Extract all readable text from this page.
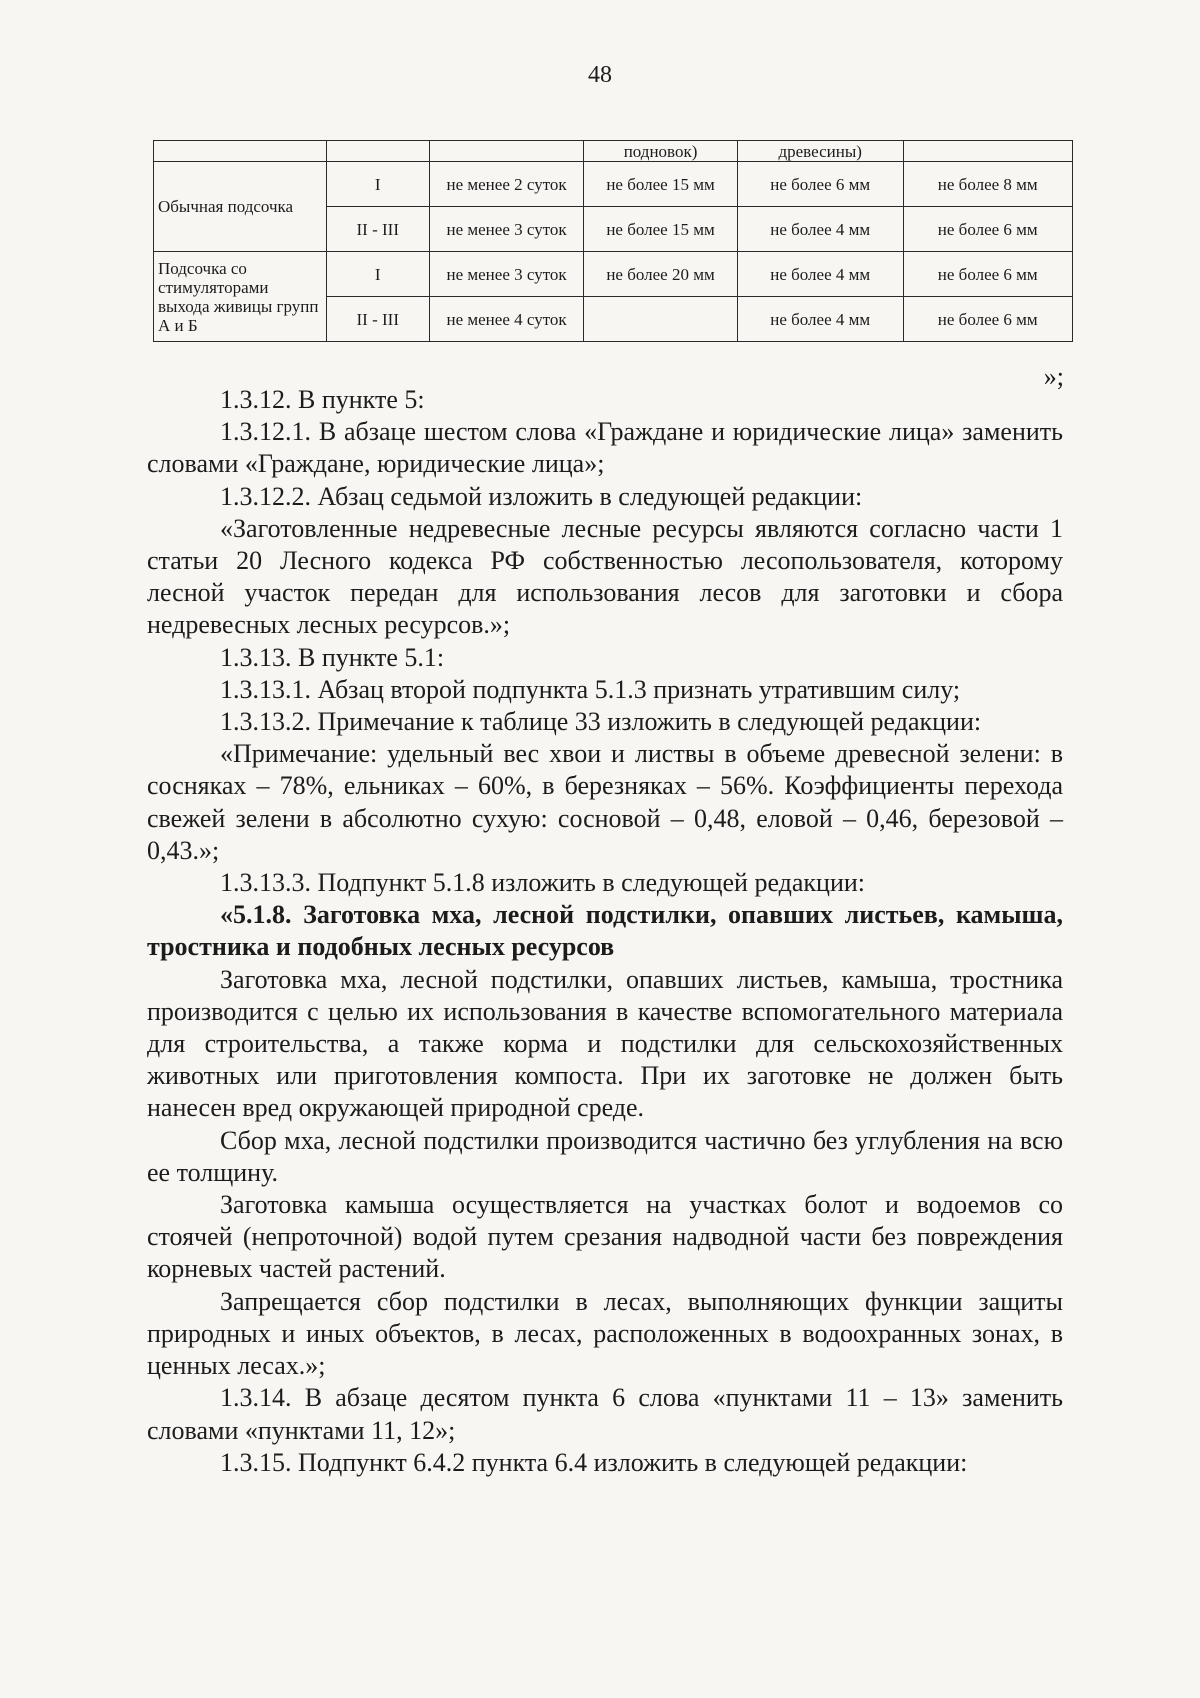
48
			подновок)	древесины)	
Обычная подсочка	I	не менее 2 суток	не более 15 мм	не более 6 мм	не более 8 мм
	II - III	не менее 3 суток	не более 15 мм	не более 4 мм	не более 6 мм
Подсочка со стимуляторами выхода живицы групп А и Б	I	не менее 3 суток	не более 20 мм	не более 4 мм	не более 6 мм
	II - III	не менее 4 суток		не более 4 мм	не более 6 мм
»;

1.3.12. В пункте 5:

1.3.12.1. В абзаце шестом слова «Граждане и юридические лица» заменить словами «Граждане, юридические лица»;

1.3.12.2. Абзац седьмой изложить в следующей редакции:

«Заготовленные недревесные лесные ресурсы являются согласно части 1 статьи 20 Лесного кодекса РФ собственностью лесопользователя, которому лесной участок передан для использования лесов для заготовки и сбора недревесных лесных ресурсов.»;

1.3.13. В пункте 5.1:

1.3.13.1. Абзац второй подпункта 5.1.3 признать утратившим силу;

1.3.13.2. Примечание к таблице 33 изложить в следующей редакции:

«Примечание: удельный вес хвои и листвы в объеме древесной зелени: в сосняках – 78%, ельниках – 60%, в березняках – 56%. Коэффициенты перехода свежей зелени в абсолютно сухую: сосновой – 0,48, еловой – 0,46, березовой – 0,43.»;

1.3.13.3. Подпункт 5.1.8 изложить в следующей редакции:

«5.1.8. Заготовка мха, лесной подстилки, опавших листьев, камыша, тростника и подобных лесных ресурсов

Заготовка мха, лесной подстилки, опавших листьев, камыша, тростника производится с целью их использования в качестве вспомогательного материала для строительства, а также корма и подстилки для сельскохозяйственных животных или приготовления компоста. При их заготовке не должен быть нанесен вред окружающей природной среде.

Сбор мха, лесной подстилки производится частично без углубления на всю ее толщину.

Заготовка камыша осуществляется на участках болот и водоемов со стоячей (непроточной) водой путем срезания надводной части без повреждения корневых частей растений.

Запрещается сбор подстилки в лесах, выполняющих функции защиты природных и иных объектов, в лесах, расположенных в водоохранных зонах, в ценных лесах.»;

1.3.14. В абзаце десятом пункта 6 слова «пунктами 11 – 13» заменить словами «пунктами 11, 12»;

1.3.15. Подпункт 6.4.2 пункта 6.4 изложить в следующей редакции:
